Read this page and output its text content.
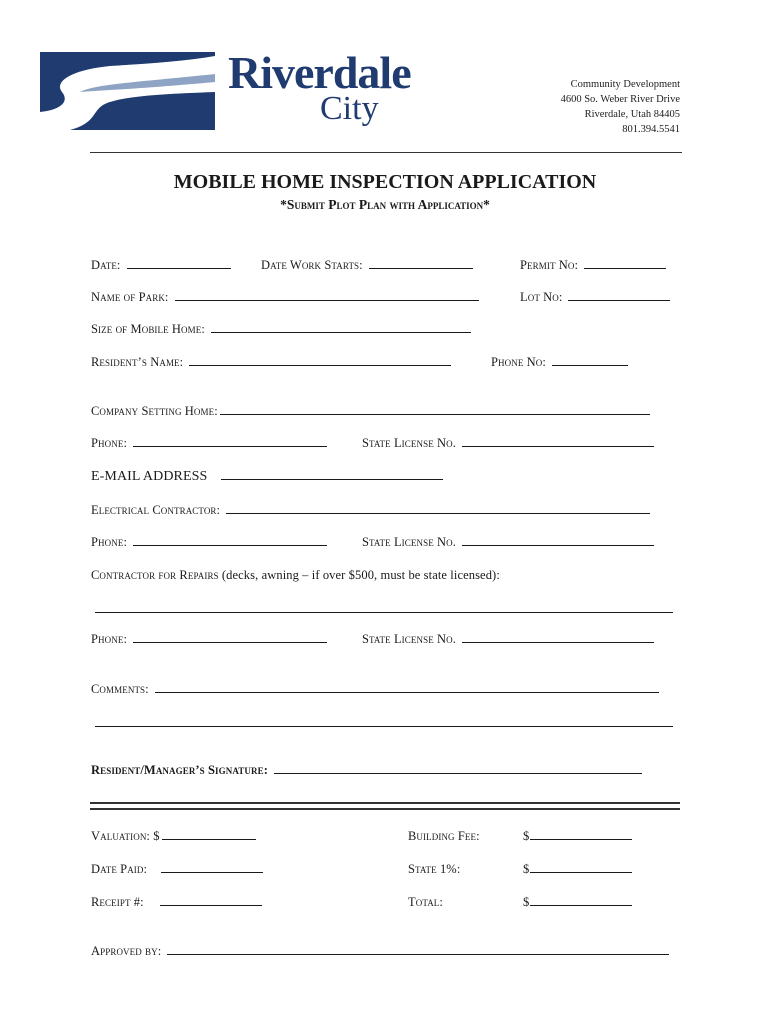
Riverdale
City
Community Development
4600 So. Weber River Drive
Riverdale, Utah 84405
801.394.5541
MOBILE HOME INSPECTION APPLICATION
*Submit Plot Plan with Application*
Date:	Date Work Starts:	Permit No:
Name of Park:	Lot No:
Size of Mobile Home:
Resident’s Name:	Phone No:
Company Setting Home:
Phone:	State License No.
E-MAIL ADDRESS
Electrical Contractor:
Phone:	State License No.
Contractor for Repairs (decks, awning – if over $500, must be state licensed):
Phone:	State License No.
Comments:
Resident/Manager’s Signature:
Valuation: $	Building Fee:	$
Date Paid:	State 1%:	$
Receipt #:	Total:	$
Approved by:
